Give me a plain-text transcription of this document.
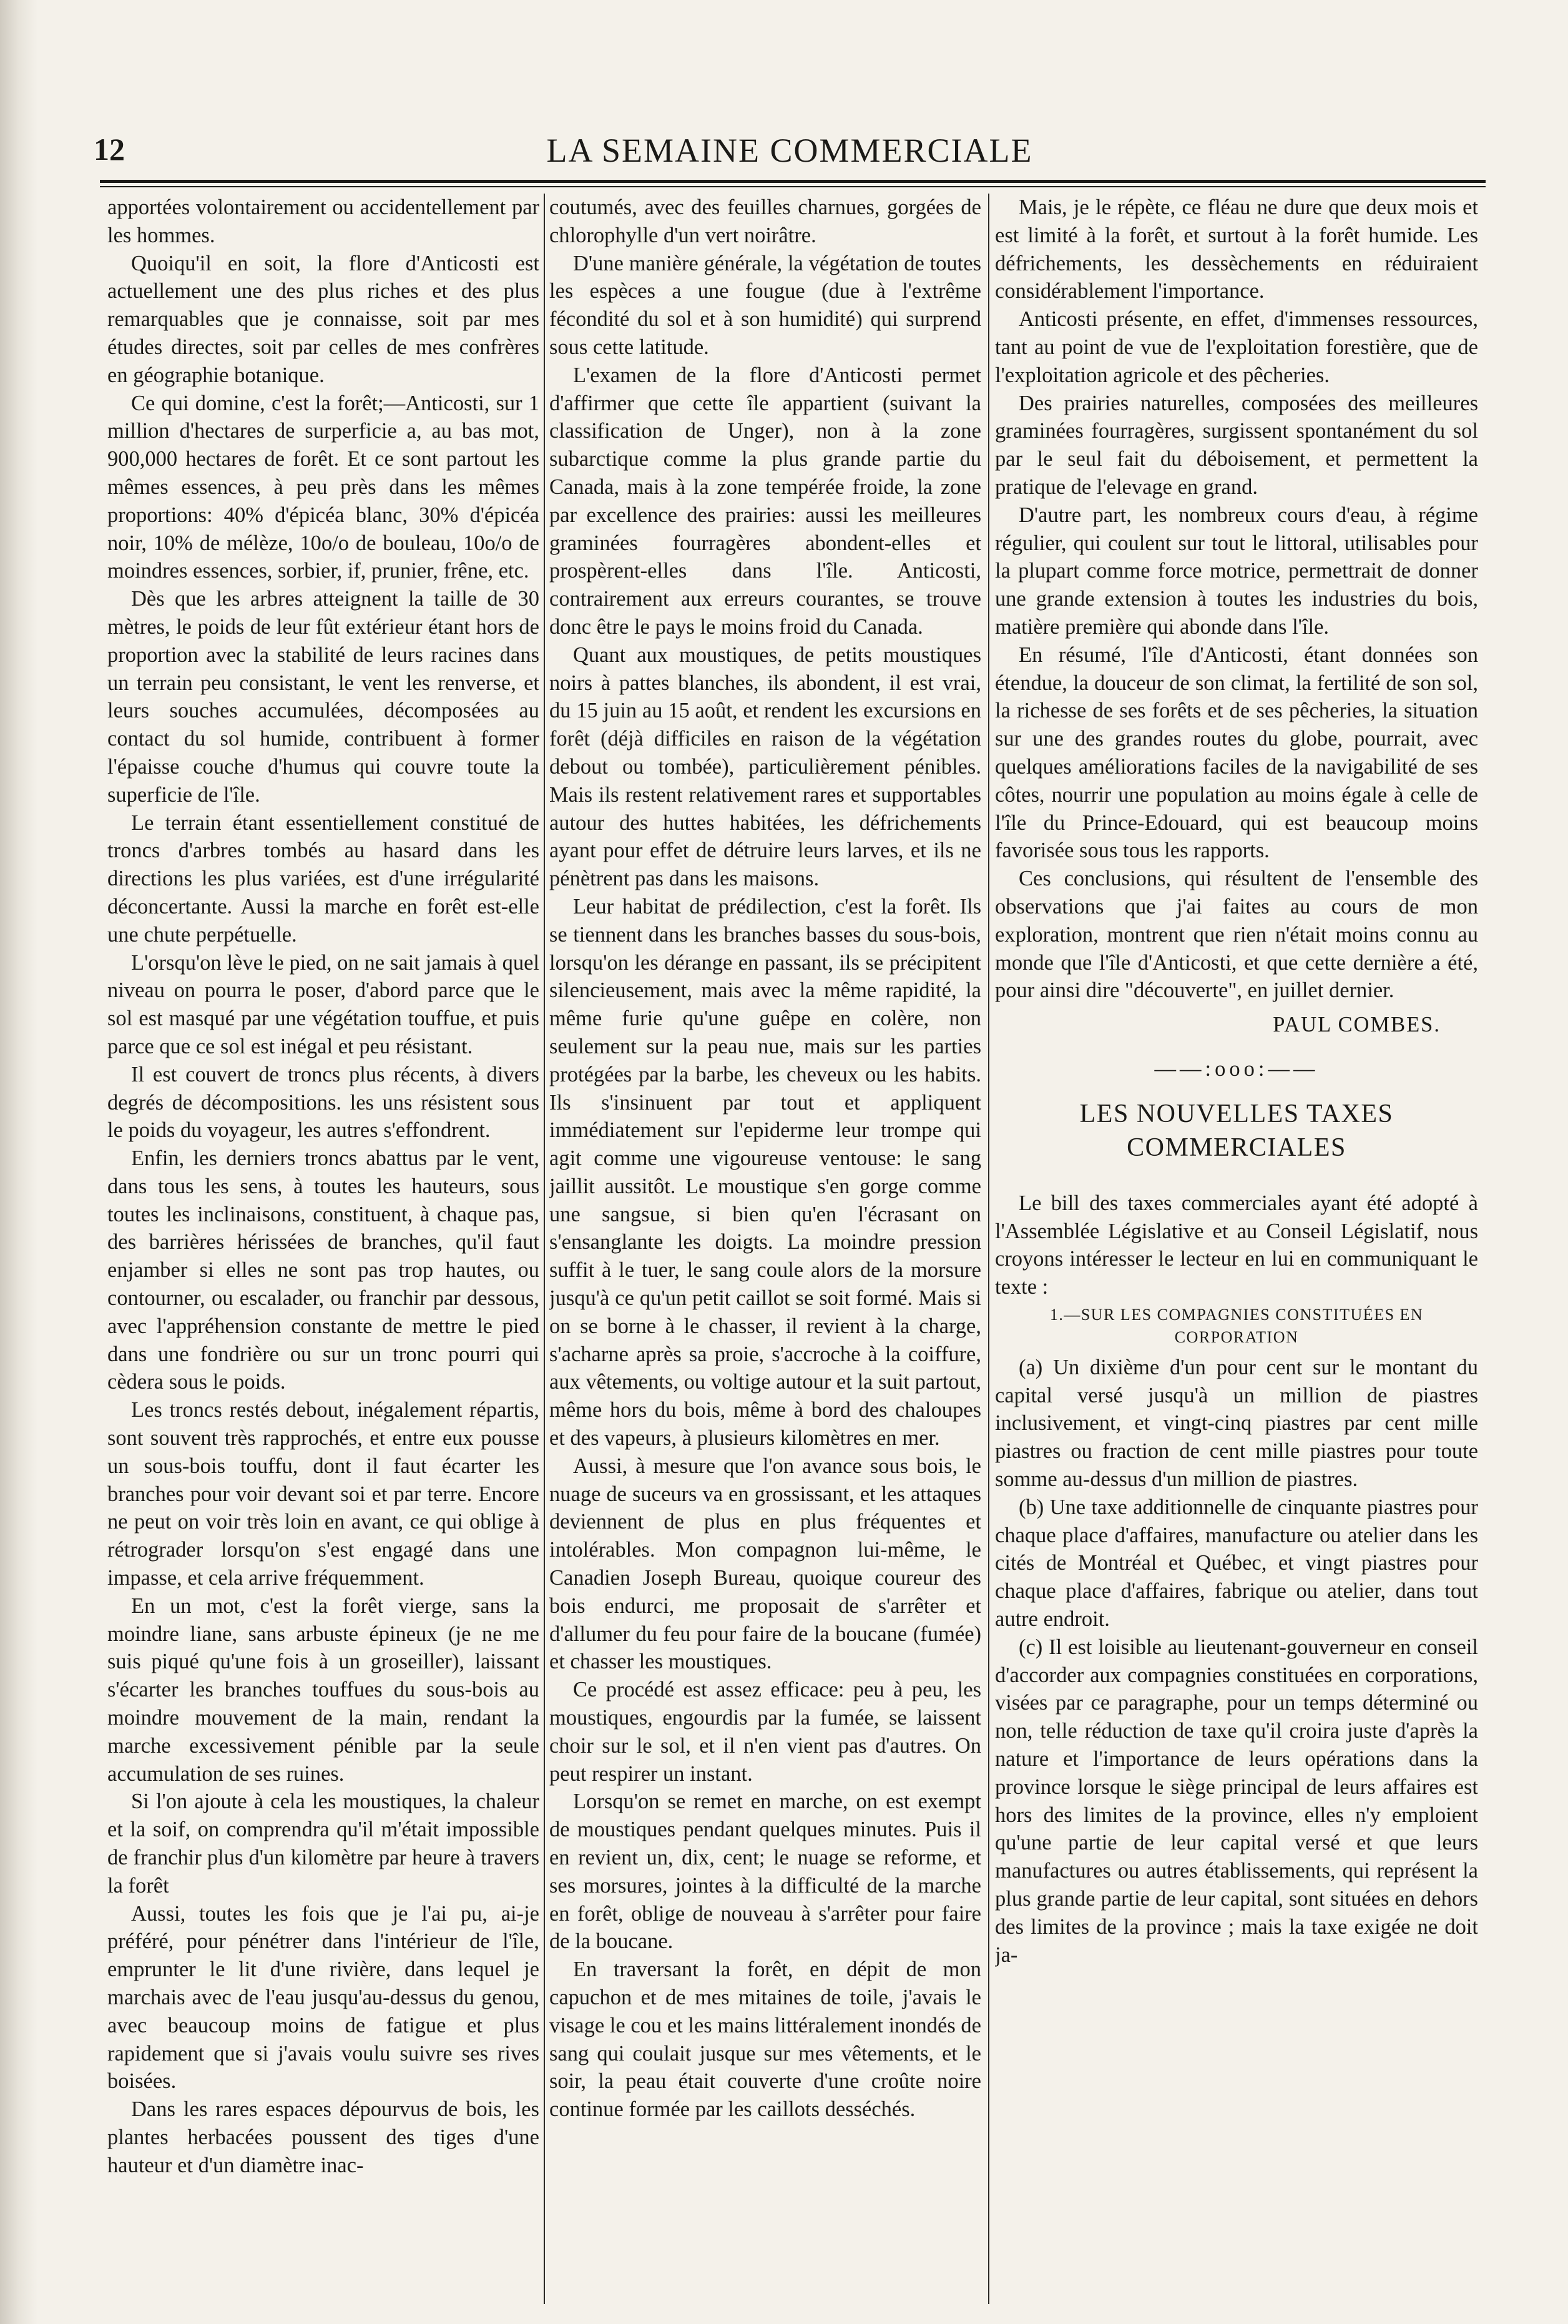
12	LA SEMAINE COMMERCIALE

apportées volontairement ou accidentellement par les hommes.

Quoiqu'il en soit, la flore d'Anticosti est actuellement une des plus riches et des plus remarquables que je connaisse, soit par mes études directes, soit par celles de mes confrères en géographie botanique.

Ce qui domine, c'est la forêt;—Anticosti, sur 1 million d'hectares de surperficie a, au bas mot, 900,000 hectares de forêt. Et ce sont partout les mêmes essences, à peu près dans les mêmes proportions: 40% d'épicéa blanc, 30% d'épicéa noir, 10% de mélèze, 10o/o de bouleau, 10o/o de moindres essences, sorbier, if, prunier, frêne, etc.

Dès que les arbres atteignent la taille de 30 mètres, le poids de leur fût extérieur étant hors de proportion avec la stabilité de leurs racines dans un terrain peu consistant, le vent les renverse, et leurs souches accumulées, décomposées au contact du sol humide, contribuent à former l'épaisse couche d'humus qui couvre toute la superficie de l'île.

Le terrain étant essentiellement constitué de troncs d'arbres tombés au hasard dans les directions les plus variées, est d'une irrégularité déconcertante. Aussi la marche en forêt est-elle une chute perpétuelle.

L'orsqu'on lève le pied, on ne sait jamais à quel niveau on pourra le poser, d'abord parce que le sol est masqué par une végétation touffue, et puis parce que ce sol est inégal et peu résistant.

Il est couvert de troncs plus récents, à divers degrés de décompositions. les uns résistent sous le poids du voyageur, les autres s'effondrent.

Enfin, les derniers troncs abattus par le vent, dans tous les sens, à toutes les hauteurs, sous toutes les inclinaisons, constituent, à chaque pas, des barrières hérissées de branches, qu'il faut enjamber si elles ne sont pas trop hautes, ou contourner, ou escalader, ou franchir par dessous, avec l'appréhension constante de mettre le pied dans une fondrière ou sur un tronc pourri qui cèdera sous le poids.

Les troncs restés debout, inégalement répartis, sont souvent très rapprochés, et entre eux pousse un sous-bois touffu, dont il faut écarter les branches pour voir devant soi et par terre. Encore ne peut on voir très loin en avant, ce qui oblige à rétrograder lorsqu'on s'est engagé dans une impasse, et cela arrive fréquemment.

En un mot, c'est la forêt vierge, sans la moindre liane, sans arbuste épineux (je ne me suis piqué qu'une fois à un groseiller), laissant s'écarter les branches touffues du sous-bois au moindre mouvement de la main, rendant la marche excessivement pénible par la seule accumulation de ses ruines.

Si l'on ajoute à cela les moustiques, la chaleur et la soif, on comprendra qu'il m'était impossible de franchir plus d'un kilomètre par heure à travers la forêt

Aussi, toutes les fois que je l'ai pu, ai-je préféré, pour pénétrer dans l'intérieur de l'île, emprunter le lit d'une rivière, dans lequel je marchais avec de l'eau jusqu'au-dessus du genou, avec beaucoup moins de fatigue et plus rapidement que si j'avais voulu suivre ses rives boisées.

Dans les rares espaces dépourvus de bois, les plantes herbacées poussent des tiges d'une hauteur et d'un diamètre inac-

coutumés, avec des feuilles charnues, gorgées de chlorophylle d'un vert noirâtre.

D'une manière générale, la végétation de toutes les espèces a une fougue (due à l'extrême fécondité du sol et à son humidité) qui surprend sous cette latitude.

L'examen de la flore d'Anticosti permet d'affirmer que cette île appartient (suivant la classification de Unger), non à la zone subarctique comme la plus grande partie du Canada, mais à la zone tempérée froide, la zone par excellence des prairies: aussi les meilleures graminées fourragères abondent-elles et prospèrent-elles dans l'île. Anticosti, contrairement aux erreurs courantes, se trouve donc être le pays le moins froid du Canada.

Quant aux moustiques, de petits moustiques noirs à pattes blanches, ils abondent, il est vrai, du 15 juin au 15 août, et rendent les excursions en forêt (déjà difficiles en raison de la végétation debout ou tombée), particulièrement pénibles. Mais ils restent relativement rares et supportables autour des huttes habitées, les défrichements ayant pour effet de détruire leurs larves, et ils ne pénètrent pas dans les maisons.

Leur habitat de prédilection, c'est la forêt. Ils se tiennent dans les branches basses du sous-bois, lorsqu'on les dérange en passant, ils se précipitent silencieusement, mais avec la même rapidité, la même furie qu'une guêpe en colère, non seulement sur la peau nue, mais sur les parties protégées par la barbe, les cheveux ou les habits. Ils s'insinuent par tout et appliquent immédiatement sur l'epiderme leur trompe qui agit comme une vigoureuse ventouse: le sang jaillit aussitôt. Le moustique s'en gorge comme une sangsue, si bien qu'en l'écrasant on s'ensanglante les doigts. La moindre pression suffit à le tuer, le sang coule alors de la morsure jusqu'à ce qu'un petit caillot se soit formé. Mais si on se borne à le chasser, il revient à la charge, s'acharne après sa proie, s'accroche à la coiffure, aux vêtements, ou voltige autour et la suit partout, même hors du bois, même à bord des chaloupes et des vapeurs, à plusieurs kilomètres en mer.

Aussi, à mesure que l'on avance sous bois, le nuage de suceurs va en grossissant, et les attaques deviennent de plus en plus fréquentes et intolérables. Mon compagnon lui-même, le Canadien Joseph Bureau, quoique coureur des bois endurci, me proposait de s'arrêter et d'allumer du feu pour faire de la boucane (fumée) et chasser les moustiques.

Ce procédé est assez efficace: peu à peu, les moustiques, engourdis par la fumée, se laissent choir sur le sol, et il n'en vient pas d'autres. On peut respirer un instant.

Lorsqu'on se remet en marche, on est exempt de moustiques pendant quelques minutes. Puis il en revient un, dix, cent; le nuage se reforme, et ses morsures, jointes à la difficulté de la marche en forêt, oblige de nouveau à s'arrêter pour faire de la boucane.

En traversant la forêt, en dépit de mon capuchon et de mes mitaines de toile, j'avais le visage le cou et les mains littéralement inondés de sang qui coulait jusque sur mes vêtements, et le soir, la peau était couverte d'une croûte noire continue formée par les caillots desséchés.

Mais, je le répète, ce fléau ne dure que deux mois et est limité à la forêt, et surtout à la forêt humide. Les défrichements, les dessèchements en réduiraient considérablement l'importance.

Anticosti présente, en effet, d'immenses ressources, tant au point de vue de l'exploitation forestière, que de l'exploitation agricole et des pêcheries.

Des prairies naturelles, composées des meilleures graminées fourragères, surgissent spontanément du sol par le seul fait du déboisement, et permettent la pratique de l'elevage en grand.

D'autre part, les nombreux cours d'eau, à régime régulier, qui coulent sur tout le littoral, utilisables pour la plupart comme force motrice, permettrait de donner une grande extension à toutes les industries du bois, matière première qui abonde dans l'île.

En résumé, l'île d'Anticosti, étant données son étendue, la douceur de son climat, la fertilité de son sol, la richesse de ses forêts et de ses pêcheries, la situation sur une des grandes routes du globe, pourrait, avec quelques améliorations faciles de la navigabilité de ses côtes, nourrir une population au moins égale à celle de l'île du Prince-Edouard, qui est beaucoup moins favorisée sous tous les rapports.

Ces conclusions, qui résultent de l'ensemble des observations que j'ai faites au cours de mon exploration, montrent que rien n'était moins connu au monde que l'île d'Anticosti, et que cette dernière a été, pour ainsi dire "découverte", en juillet dernier.

PAUL COMBES.
——:ooo:——
LES NOUVELLES TAXES COMMERCIALES

Le bill des taxes commerciales ayant été adopté à l'Assemblée Législative et au Conseil Législatif, nous croyons intéresser le lecteur en lui en communiquant le texte :

1.—SUR LES COMPAGNIES CONSTITUÉES EN CORPORATION

(a) Un dixième d'un pour cent sur le montant du capital versé jusqu'à un million de piastres inclusivement, et vingt-cinq piastres par cent mille piastres ou fraction de cent mille piastres pour toute somme au-dessus d'un million de piastres.

(b) Une taxe additionnelle de cinquante piastres pour chaque place d'affaires, manufacture ou atelier dans les cités de Montréal et Québec, et vingt piastres pour chaque place d'affaires, fabrique ou atelier, dans tout autre endroit.

(c) Il est loisible au lieutenant-gouverneur en conseil d'accorder aux compagnies constituées en corporations, visées par ce paragraphe, pour un temps déterminé ou non, telle réduction de taxe qu'il croira juste d'après la nature et l'importance de leurs opérations dans la province lorsque le siège principal de leurs affaires est hors des limites de la province, elles n'y emploient qu'une partie de leur capital versé et que leurs manufactures ou autres établissements, qui représent la plus grande partie de leur capital, sont situées en dehors des limites de la province ; mais la taxe exigée ne doit ja-
